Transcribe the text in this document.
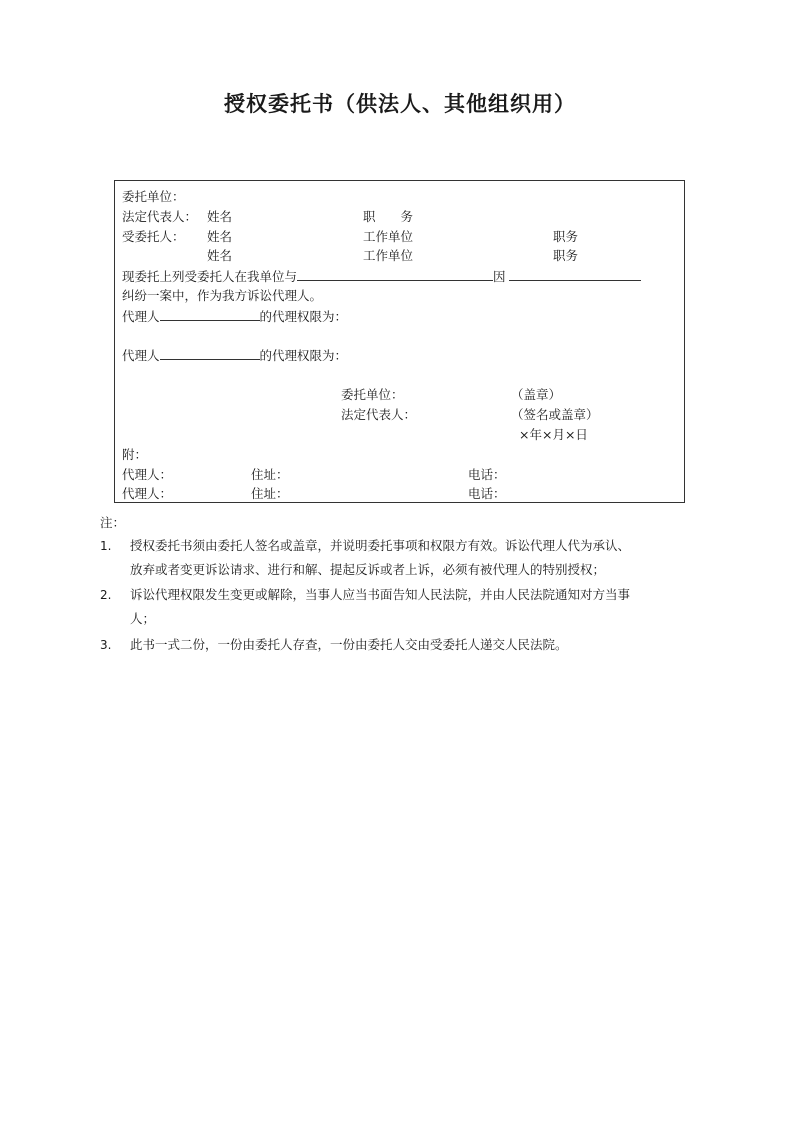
授权委托书（供法人、其他组织用）
委托单位：
法定代表人： 姓名	职　　务
受委托人： 姓名	工作单位	职务
姓名	工作单位	职务
现委托上列受委托人在我单位与	因
纠纷一案中，作为我方诉讼代理人。
代理人	的代理权限为：
代理人	的代理权限为：
委托单位：	（盖章）
法定代表人：	（签名或盖章）
×年×月×日
附：
代理人：	住址：	电话：
代理人：	住址：	电话：
注：
1. 授权委托书须由委托人签名或盖章，并说明委托事项和权限方有效。诉讼代理人代为承认、
放弃或者变更诉讼请求、进行和解、提起反诉或者上诉，必须有被代理人的特别授权；
2. 诉讼代理权限发生变更或解除，当事人应当书面告知人民法院，并由人民法院通知对方当事
人；
3. 此书一式二份，一份由委托人存查，一份由委托人交由受委托人递交人民法院。
